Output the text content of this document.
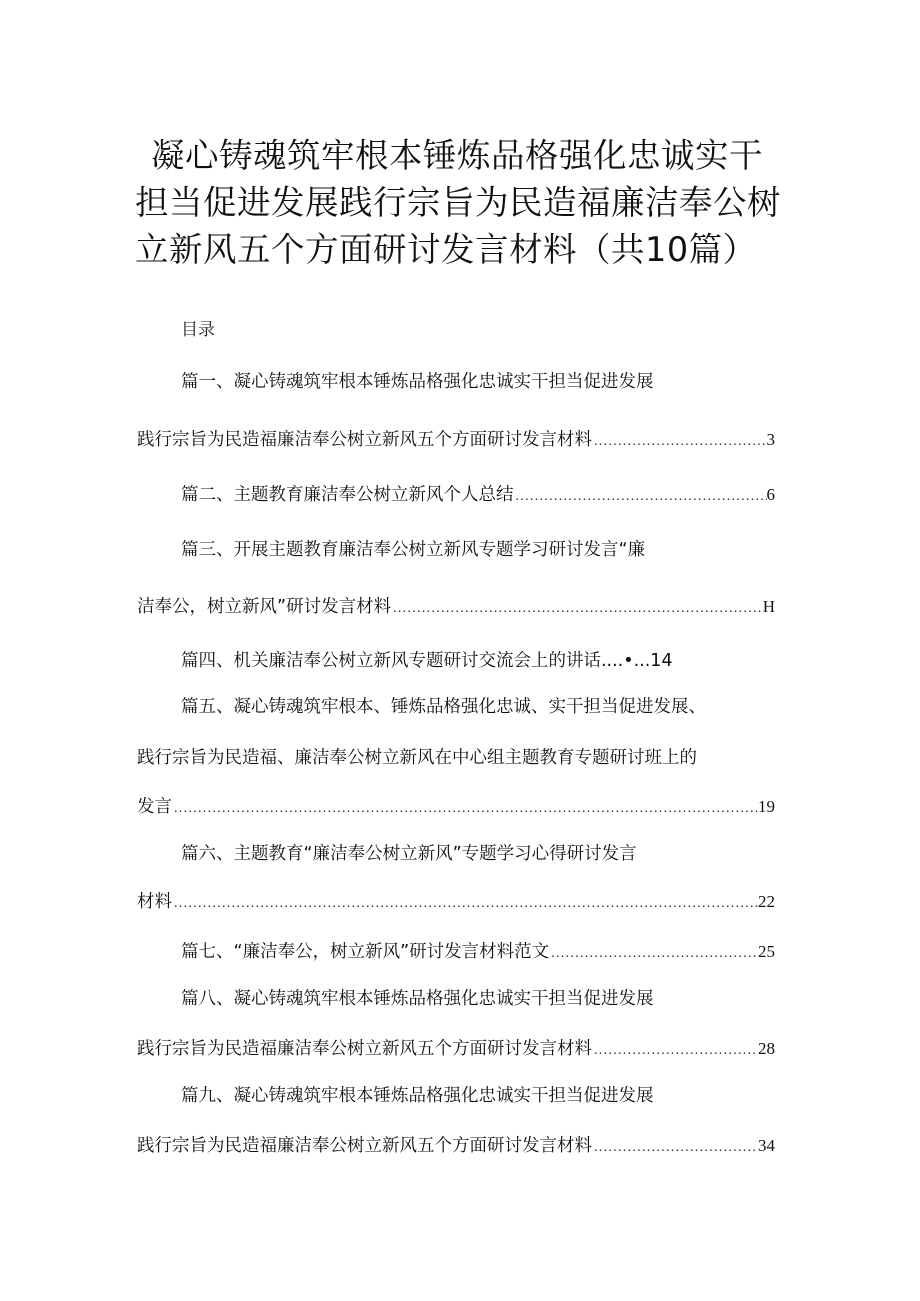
凝心铸魂筑牢根本锤炼品格强化忠诚实干
担当促进发展践行宗旨为民造福廉洁奉公树
立新风五个方面研讨发言材料（共10篇）
目录
篇一、凝心铸魂筑牢根本锤炼品格强化忠诚实干担当促进发展
践行宗旨为民造福廉洁奉公树立新风五个方面研讨发言材料 .....	3
篇二、主题教育廉洁奉公树立新风个人总结 .....	6
篇三、开展主题教育廉洁奉公树立新风专题学习研讨发言“廉
洁奉公，树立新风”研讨发言材料 .....	H
篇四、机关廉洁奉公树立新风专题研讨交流会上的讲话....•...14
篇五、凝心铸魂筑牢根本、锤炼品格强化忠诚、实干担当促进发展、
践行宗旨为民造福、廉洁奉公树立新风在中心组主题教育专题研讨班上的
发言 .....	19
篇六、主题教育“廉洁奉公树立新风”专题学习心得研讨发言
材料 .....	22
篇七、“廉洁奉公，树立新风”研讨发言材料范文 .....	25
篇八、凝心铸魂筑牢根本锤炼品格强化忠诚实干担当促进发展
践行宗旨为民造福廉洁奉公树立新风五个方面研讨发言材料 .....	28
篇九、凝心铸魂筑牢根本锤炼品格强化忠诚实干担当促进发展
践行宗旨为民造福廉洁奉公树立新风五个方面研讨发言材料 .....	34
